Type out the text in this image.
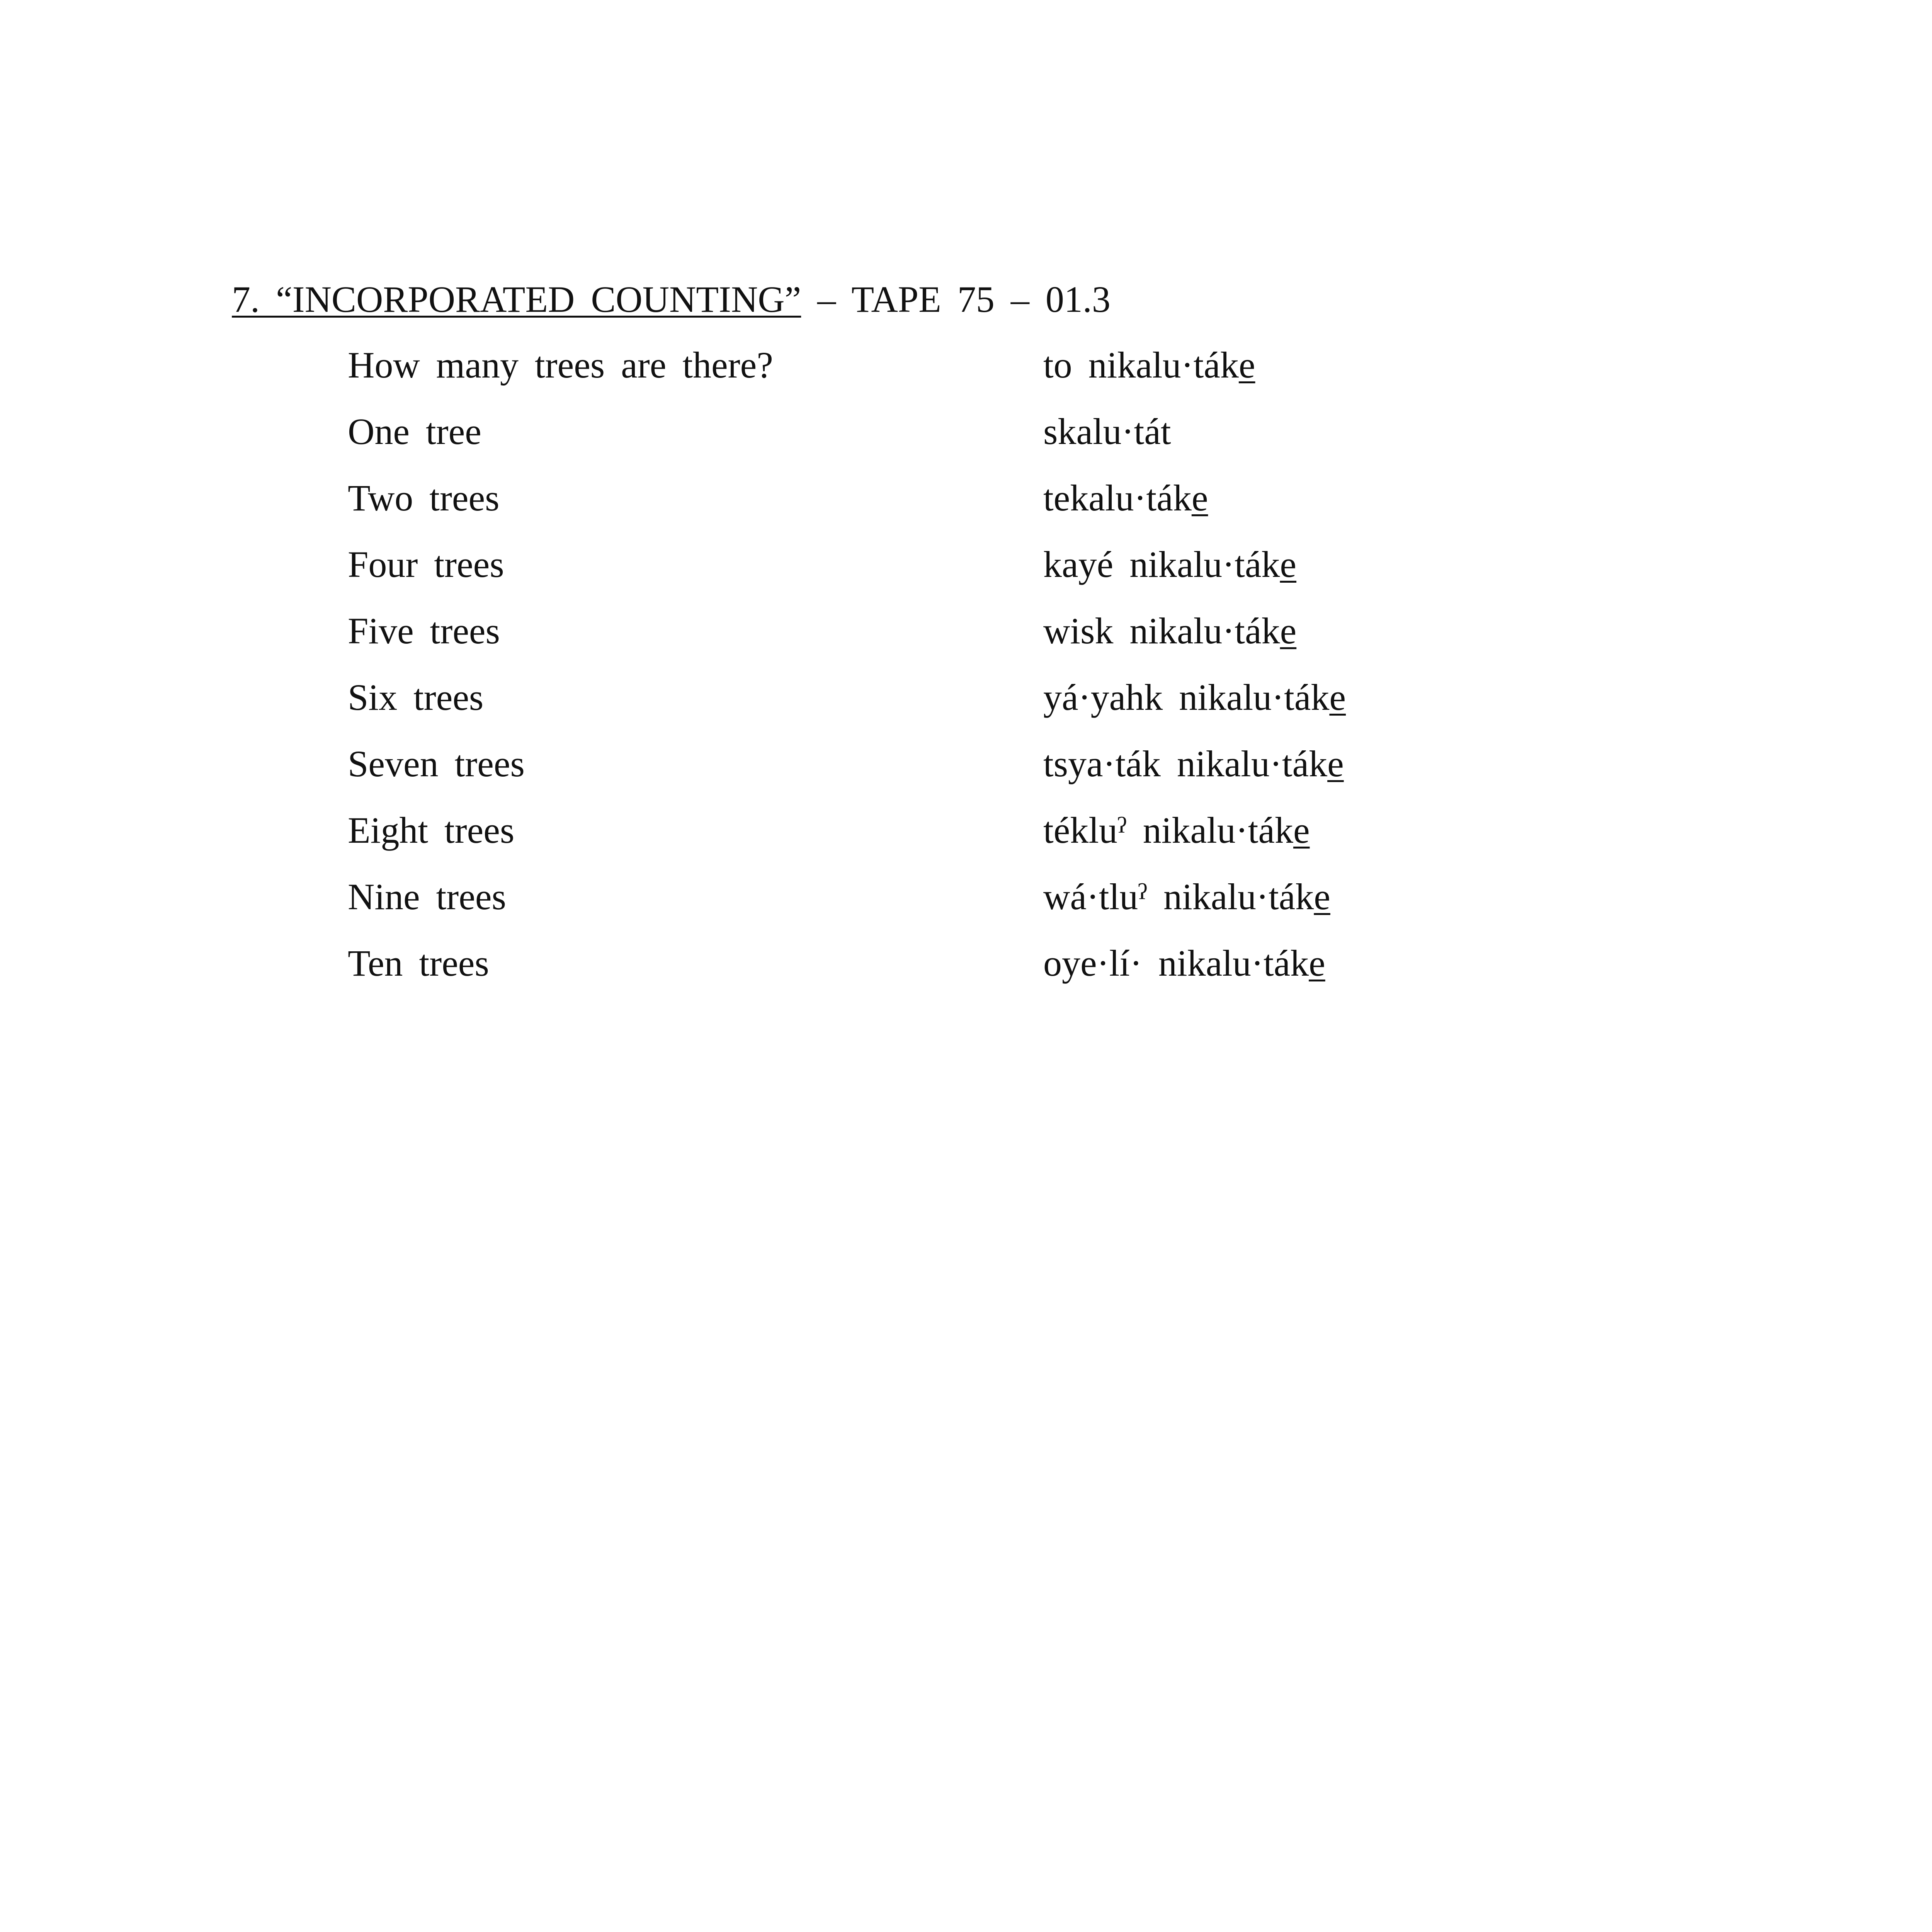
7. “INCORPORATED COUNTING” – TAPE 75 – 01.3
How many trees are there?	to nikalu·táke
One tree	skalu·tát
Two trees	tekalu·táke
Four trees	kayé nikalu·táke
Five trees	wisk nikalu·táke
Six trees	yá·yahk nikalu·táke
Seven trees	tsya·ták nikalu·táke
Eight trees	tékluˀ nikalu·táke
Nine trees	wá·tluˀ nikalu·táke
Ten trees	oye·lí· nikalu·táke
